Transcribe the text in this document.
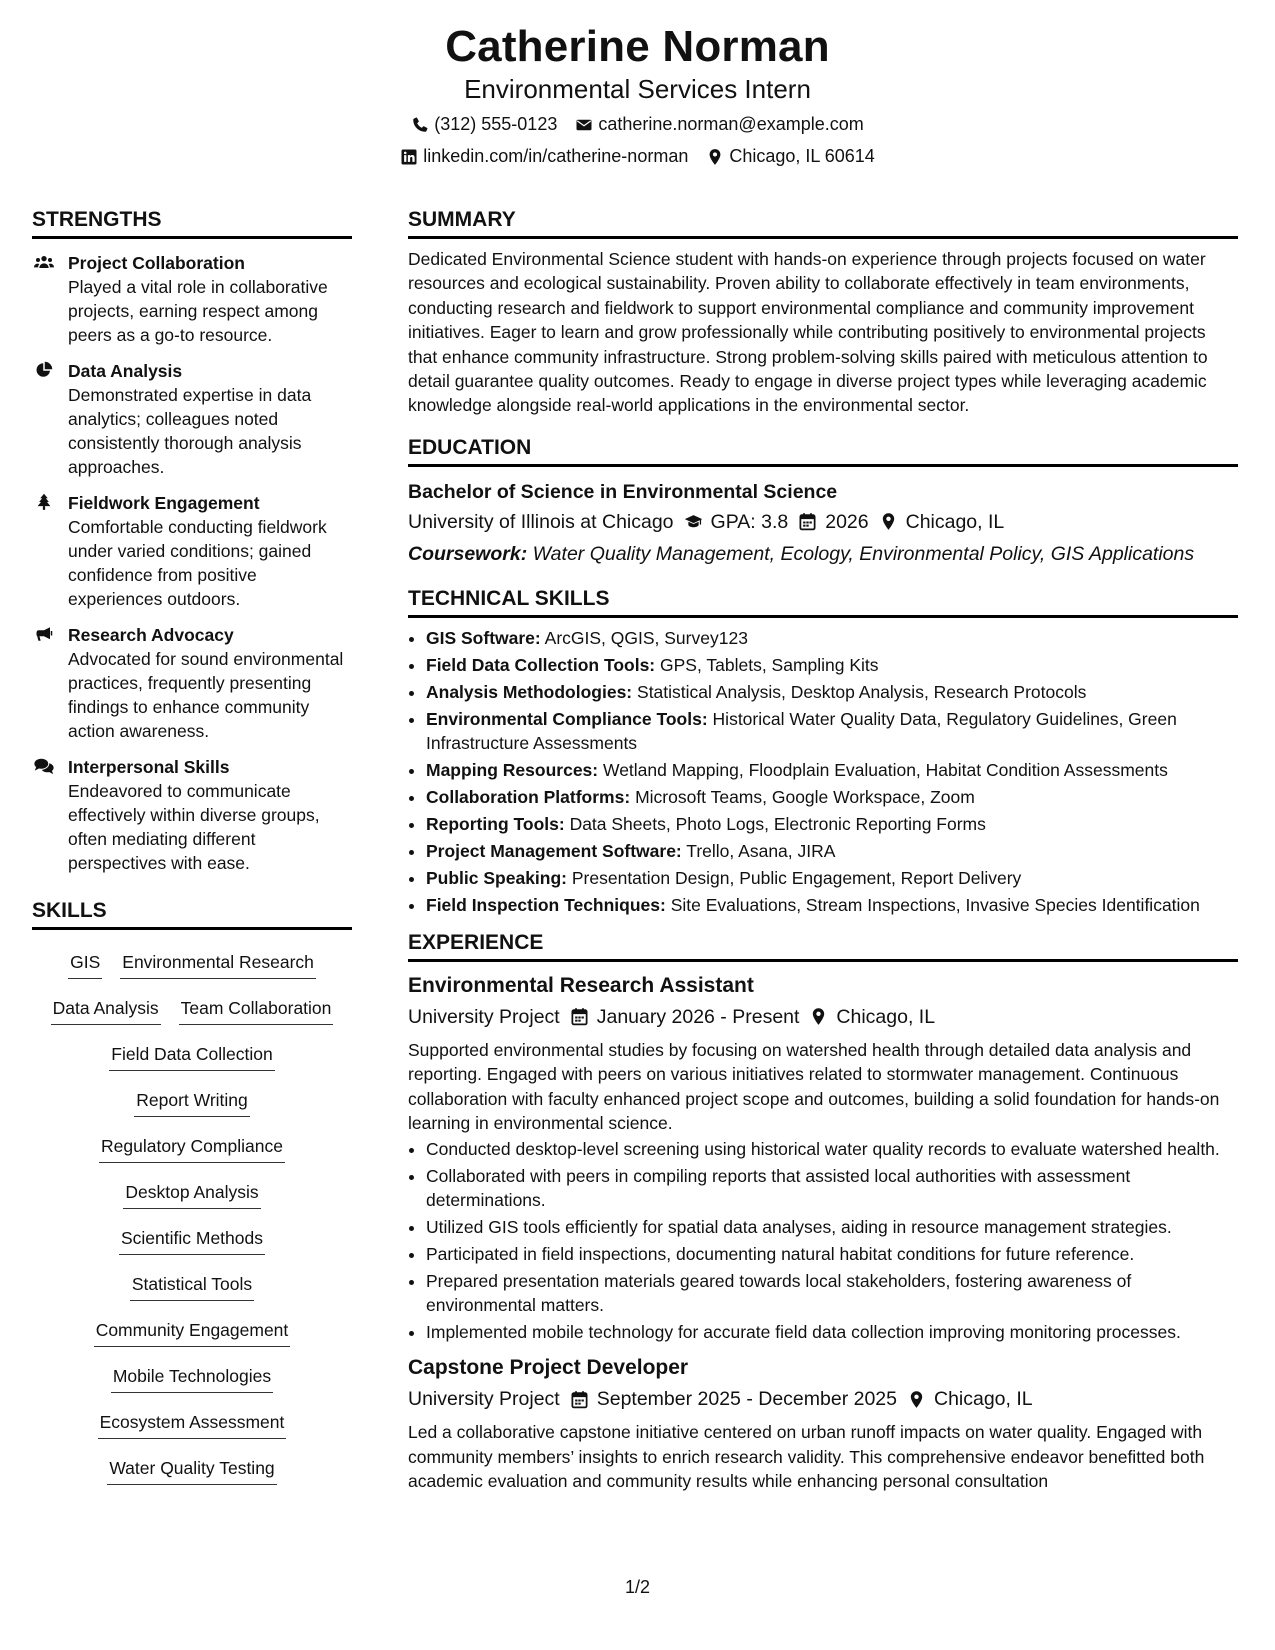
Catherine Norman
Environmental Services Intern
(312) 555-0123 catherine.norman@example.com
linkedin.com/in/catherine-norman Chicago, IL 60614
STRENGTHS
Project Collaboration
Played a vital role in collaborative projects, earning respect among peers as a go-to resource.
Data Analysis
Demonstrated expertise in data analytics; colleagues noted consistently thorough analysis approaches.
Fieldwork Engagement
Comfortable conducting fieldwork under varied conditions; gained confidence from positive experiences outdoors.
Research Advocacy
Advocated for sound environmental practices, frequently presenting findings to enhance community action awareness.
Interpersonal Skills
Endeavored to communicate effectively within diverse groups, often mediating different perspectives with ease.
SKILLS
GIS Environmental Research
Data Analysis Team Collaboration
Field Data Collection
Report Writing
Regulatory Compliance
Desktop Analysis
Scientific Methods
Statistical Tools
Community Engagement
Mobile Technologies
Ecosystem Assessment
Water Quality Testing
SUMMARY

Dedicated Environmental Science student with hands-on experience through projects focused on water resources and ecological sustainability. Proven ability to collaborate effectively in team environments, conducting research and fieldwork to support environmental compliance and community improvement initiatives. Eager to learn and grow professionally while contributing positively to environmental projects that enhance community infrastructure. Strong problem-solving skills paired with meticulous attention to detail guarantee quality outcomes. Ready to engage in diverse project types while leveraging academic knowledge alongside real-world applications in the environmental sector.

EDUCATION
Bachelor of Science in Environmental Science
University of Illinois at Chicago GPA: 3.8 2026 Chicago, IL
Coursework: Water Quality Management, Ecology, Environmental Policy, GIS Applications
TECHNICAL SKILLS
• GIS Software: ArcGIS, QGIS, Survey123
• Field Data Collection Tools: GPS, Tablets, Sampling Kits
• Analysis Methodologies: Statistical Analysis, Desktop Analysis, Research Protocols
• Environmental Compliance Tools: Historical Water Quality Data, Regulatory Guidelines, Green Infrastructure Assessments
• Mapping Resources: Wetland Mapping, Floodplain Evaluation, Habitat Condition Assessments
• Collaboration Platforms: Microsoft Teams, Google Workspace, Zoom
• Reporting Tools: Data Sheets, Photo Logs, Electronic Reporting Forms
• Project Management Software: Trello, Asana, JIRA
• Public Speaking: Presentation Design, Public Engagement, Report Delivery
• Field Inspection Techniques: Site Evaluations, Stream Inspections, Invasive Species Identification
EXPERIENCE
Environmental Research Assistant
University Project January 2026 - Present Chicago, IL

Supported environmental studies by focusing on watershed health through detailed data analysis and reporting. Engaged with peers on various initiatives related to stormwater management. Continuous collaboration with faculty enhanced project scope and outcomes, building a solid foundation for hands-on learning in environmental science.

• Conducted desktop-level screening using historical water quality records to evaluate watershed health.
• Collaborated with peers in compiling reports that assisted local authorities with assessment determinations.
• Utilized GIS tools efficiently for spatial data analyses, aiding in resource management strategies.
• Participated in field inspections, documenting natural habitat conditions for future reference.
• Prepared presentation materials geared towards local stakeholders, fostering awareness of environmental matters.
• Implemented mobile technology for accurate field data collection improving monitoring processes.
Capstone Project Developer
University Project September 2025 - December 2025 Chicago, IL

Led a collaborative capstone initiative centered on urban runoff impacts on water quality. Engaged with community members’ insights to enrich research validity. This comprehensive endeavor benefitted both academic evaluation and community results while enhancing personal consultation

1/2
